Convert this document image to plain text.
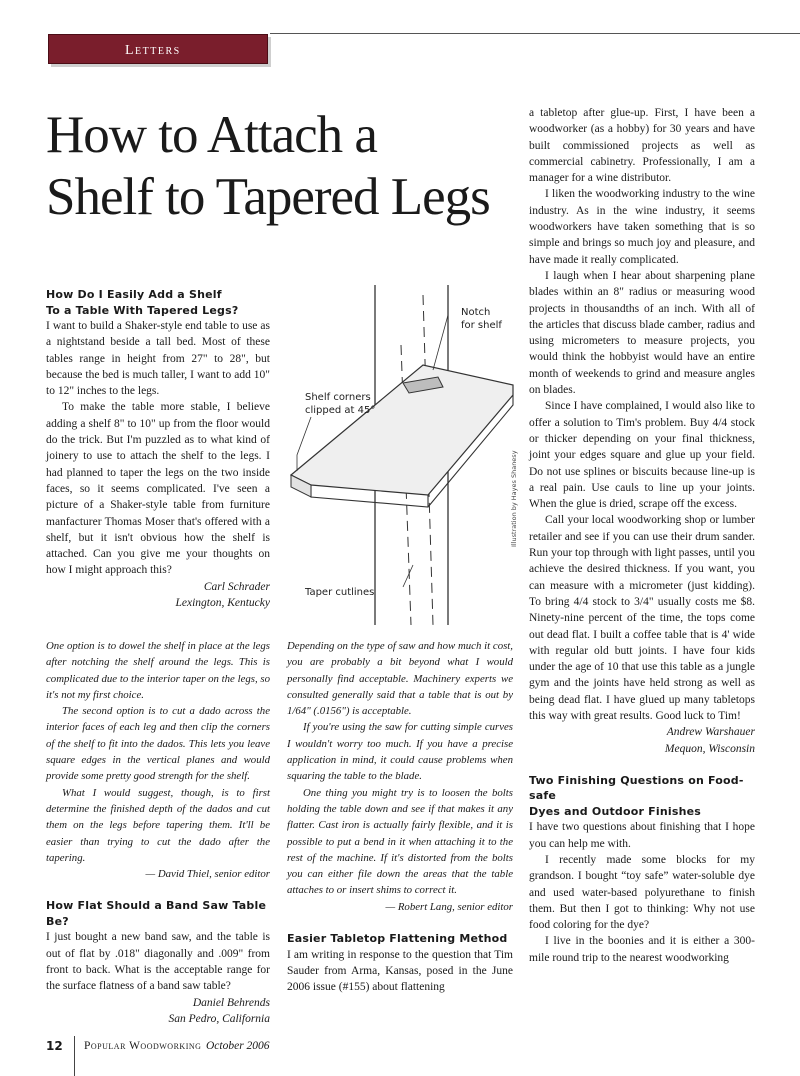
Letters
How to Attach a
Shelf to Tapered Legs
How Do I Easily Add a Shelf
To a Table With Tapered Legs?

I want to build a Shaker-style end table to use as a nightstand beside a tall bed. Most of these tables range in height from 27" to 28", but because the bed is much taller, I want to add 10" to 12" inches to the legs.

To make the table more stable, I believe adding a shelf 8" to 10" up from the floor would do the trick. But I'm puzzled as to what kind of joinery to use to attach the shelf to the legs. I had planned to taper the legs on the two inside faces, so it seems complicated. I've seen a picture of a Shaker-style table from furniture manfacturer Thomas Moser that's offered with a shelf, but it isn't obvious how the shelf is attached. Can you give me your thoughts on how I might approach this?

Carl Schrader

Lexington, Kentucky

One option is to dowel the shelf in place at the legs after notching the shelf around the legs. This is complicated due to the interior taper on the legs, so it's not my first choice.

The second option is to cut a dado across the interior faces of each leg and then clip the corners of the shelf to fit into the dados. This lets you leave square edges in the vertical planes and would provide some pretty good strength for the shelf.

What I would suggest, though, is to first determine the finished depth of the dados and cut them on the legs before tapering them. It'll be easier than trying to cut the dado after the tapering.

— David Thiel, senior editor

How Flat Should a Band Saw Table Be?

I just bought a new band saw, and the table is out of flat by .018" diagonally and .009" from front to back. What is the acceptable range for the surface flatness of a band saw table?

Daniel Behrends

San Pedro, California

Depending on the type of saw and how much it cost, you are probably a bit beyond what I would personally find acceptable. Machinery experts we consulted generally said that a table that is out by 1/64" (.0156") is acceptable.

If you're using the saw for cutting simple curves I wouldn't worry too much. If you have a precise application in mind, it could cause problems when squaring the table to the blade.

One thing you might try is to loosen the bolts holding the table down and see if that makes it any flatter. Cast iron is actually fairly flexible, and it is possible to put a bend in it when attaching it to the rest of the machine. If it's distorted from the bolts you can either file down the areas that the table attaches to or insert shims to correct it.

— Robert Lang, senior editor

Easier Tabletop Flattening Method

I am writing in response to the question that Tim Sauder from Arma, Kansas, posed in the June 2006 issue (#155) about flattening

a tabletop after glue-up. First, I have been a woodworker (as a hobby) for 30 years and have built commissioned projects as well as commercial cabinetry. Professionally, I am a manager for a wine distributor.

I liken the woodworking industry to the wine industry. As in the wine industry, it seems woodworkers have taken something that is so simple and brings so much joy and pleasure, and have made it really complicated.

I laugh when I hear about sharpening plane blades within an 8" radius or measuring wood projects in thousandths of an inch. With all of the articles that discuss blade camber, radius and using micrometers to measure projects, you would think the hobbyist would have an entire month of weekends to grind and measure angles on blades.

Since I have complained, I would also like to offer a solution to Tim's problem. Buy 4/4 stock or thicker depending on your final thickness, joint your edges square and glue up your field. Do not use splines or biscuits because line-up is a real pain. Use cauls to line up your joints. When the glue is dried, scrape off the excess.

Call your local woodworking shop or lumber retailer and see if you can use their drum sander. Run your top through with light passes, until you achieve the desired thickness. If you want, you can measure with a micrometer (just kidding). To bring 4/4 stock to 3/4" usually costs me $8. Ninety-nine percent of the time, the tops come out dead flat. I built a coffee table that is 4' wide with regular old butt joints. I have four kids under the age of 10 that use this table as a jungle gym and the joints have held strong as well as being dead flat. I have glued up many tabletops this way with great results. Good luck to Tim!

Andrew Warshauer

Mequon, Wisconsin

Two Finishing Questions on Food-safe
Dyes and Outdoor Finishes

I have two questions about finishing that I hope you can help me with.

I recently made some blocks for my grandson. I bought “toy safe” water-soluble dye and used water-based polyurethane to finish them. But then I got to thinking: Why not use food coloring for the dye?

I live in the boonies and it is either a 300-mile round trip to the nearest woodworking

Notch
for shelf
Shelf corners
clipped at 45°
Taper cutlines
Illustration by Hayes Shanesy
12 Popular Woodworking October 2006
